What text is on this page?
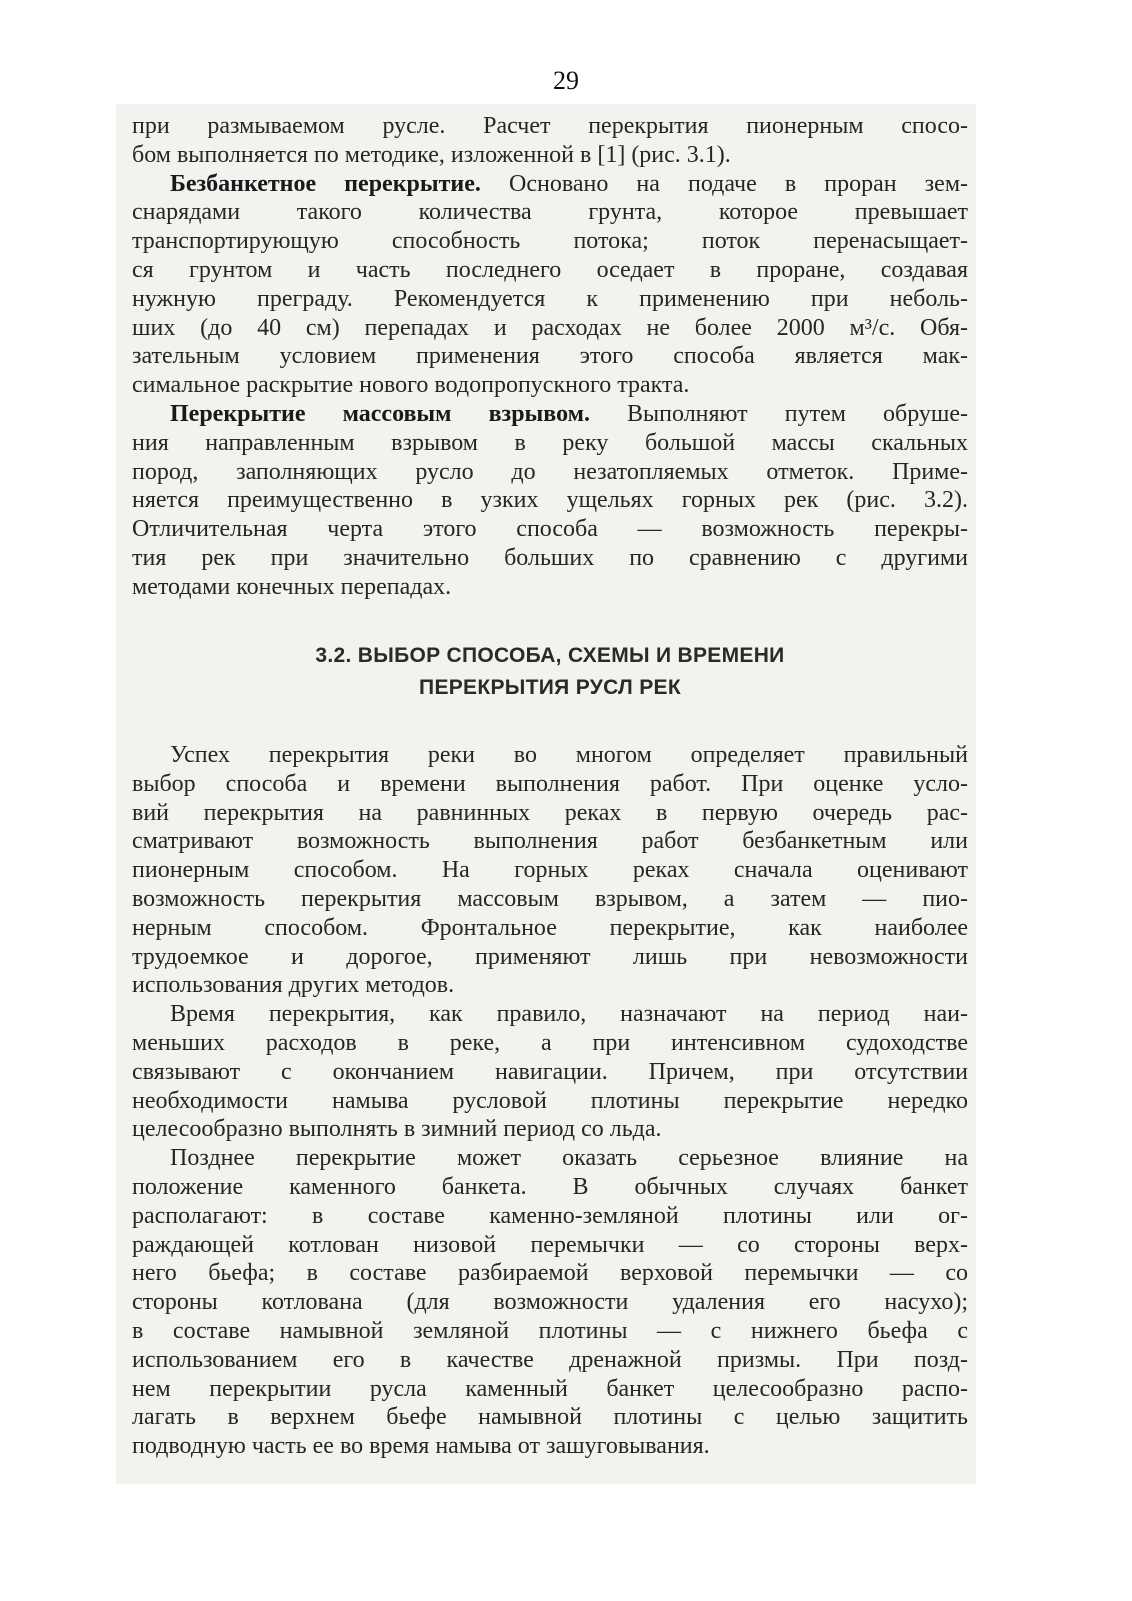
29
при размываемом русле. Расчет перекрытия пионерным спосо-
бом выполняется по методике, изложенной в [1] (рис. 3.1).
Безбанкетное перекрытие. Основано на подаче в проран зем-
снарядами такого количества грунта, которое превышает
транспортирующую способность потока; поток перенасыщает-
ся грунтом и часть последнего оседает в проране, создавая
нужную преграду. Рекомендуется к применению при неболь-
ших (до 40 см) перепадах и расходах не более 2000 м³/с. Обя-
зательным условием применения этого способа является мак-
симальное раскрытие нового водопропускного тракта.
Перекрытие массовым взрывом. Выполняют путем обруше-
ния направленным взрывом в реку большой массы скальных
пород, заполняющих русло до незатопляемых отметок. Приме-
няется преимущественно в узких ущельях горных рек (рис. 3.2).
Отличительная черта этого способа — возможность перекры-
тия рек при значительно больших по сравнению с другими
методами конечных перепадах.
3.2. ВЫБОР СПОСОБА, СХЕМЫ И ВРЕМЕНИ
ПЕРЕКРЫТИЯ РУСЛ РЕК
Успех перекрытия реки во многом определяет правильный
выбор способа и времени выполнения работ. При оценке усло-
вий перекрытия на равнинных реках в первую очередь рас-
сматривают возможность выполнения работ безбанкетным или
пионерным способом. На горных реках сначала оценивают
возможность перекрытия массовым взрывом, а затем — пио-
нерным способом. Фронтальное перекрытие, как наиболее
трудоемкое и дорогое, применяют лишь при невозможности
использования других методов.
Время перекрытия, как правило, назначают на период наи-
меньших расходов в реке, а при интенсивном судоходстве
связывают с окончанием навигации. Причем, при отсутствии
необходимости намыва русловой плотины перекрытие нередко
целесообразно выполнять в зимний период со льда.
Позднее перекрытие может оказать серьезное влияние на
положение каменного банкета. В обычных случаях банкет
располагают: в составе каменно-земляной плотины или ог-
раждающей котлован низовой перемычки — со стороны верх-
него бьефа; в составе разбираемой верховой перемычки — со
стороны котлована (для возможности удаления его насухо);
в составе намывной земляной плотины — с нижнего бьефа с
использованием его в качестве дренажной призмы. При позд-
нем перекрытии русла каменный банкет целесообразно распо-
лагать в верхнем бьефе намывной плотины с целью защитить
подводную часть ее во время намыва от зашуговывания.
